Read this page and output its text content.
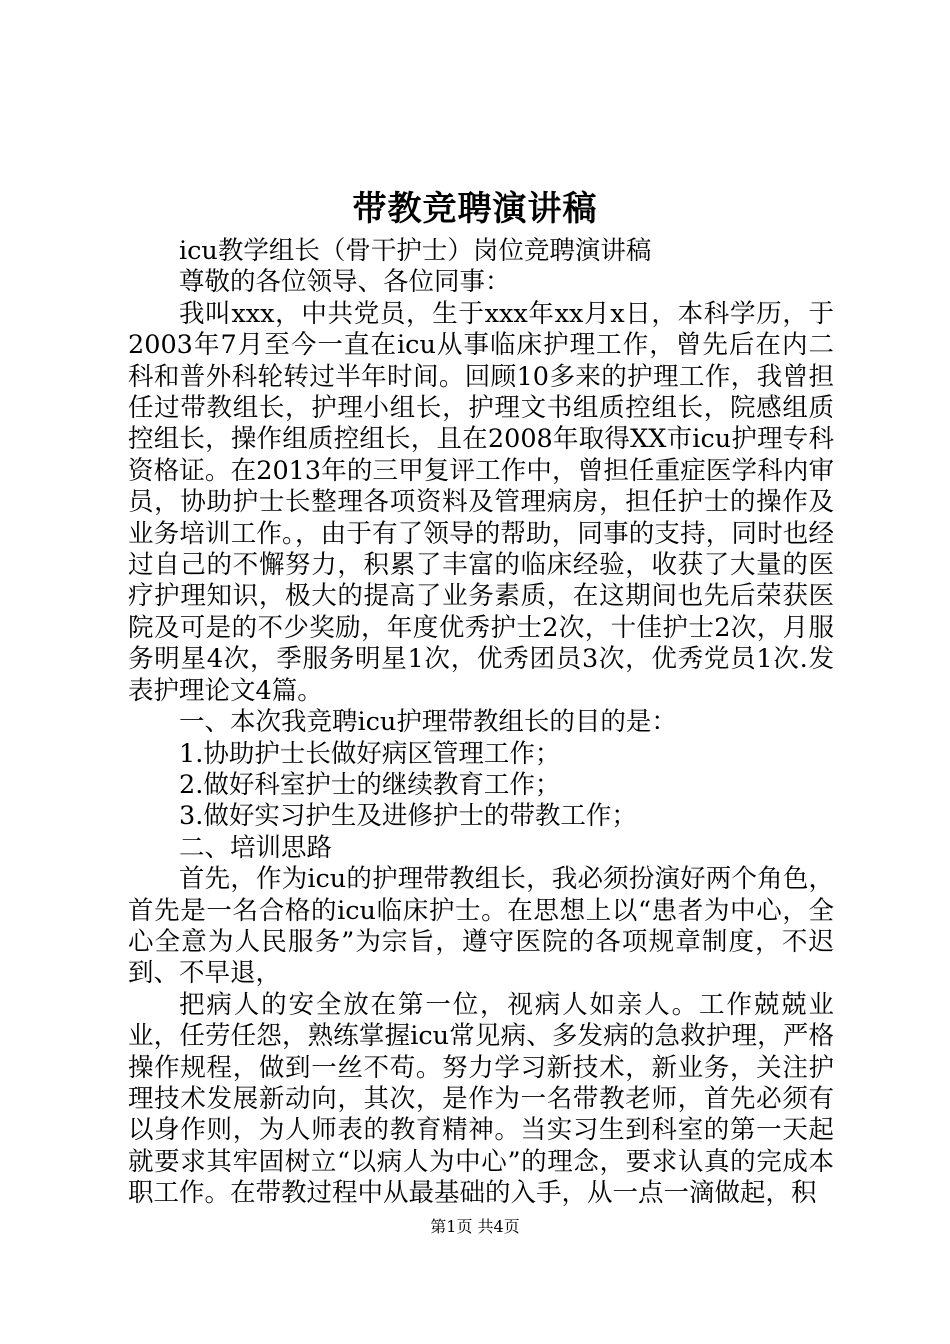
带教竞聘演讲稿

icu教学组长（骨干护士）岗位竞聘演讲稿

尊敬的各位领导、各位同事：

我叫xxx，中共党员，生于xxx年xx月x日，本科学历，于2003年7月至今一直在icu从事临床护理工作，曾先后在内二科和普外科轮转过半年时间。回顾10多来的护理工作，我曾担任过带教组长，护理小组长，护理文书组质控组长，院感组质控组长，操作组质控组长，且在2008年取得XX市icu护理专科资格证。在2013年的三甲复评工作中，曾担任重症医学科内审员，协助护士长整理各项资料及管理病房，担任护士的操作及业务培训工作。，由于有了领导的帮助，同事的支持，同时也经过自己的不懈努力，积累了丰富的临床经验，收获了大量的医疗护理知识，极大的提高了业务素质，在这期间也先后荣获医院及可是的不少奖励，年度优秀护士2次，十佳护士2次，月服务明星4次，季服务明星1次，优秀团员3次，优秀党员1次.发表护理论文4篇。

一、本次我竞聘icu护理带教组长的目的是：

1.协助护士长做好病区管理工作；

2.做好科室护士的继续教育工作；

3.做好实习护生及进修护士的带教工作；

二、培训思路

首先，作为icu的护理带教组长，我必须扮演好两个角色，首先是一名合格的icu临床护士。在思想上以“患者为中心，全心全意为人民服务”为宗旨，遵守医院的各项规章制度，不迟到、不早退，

把病人的安全放在第一位，视病人如亲人。工作兢兢业业，任劳任怨，熟练掌握icu常见病、多发病的急救护理，严格操作规程，做到一丝不苟。努力学习新技术，新业务，关注护理技术发展新动向，其次，是作为一名带教老师，首先必须有以身作则，为人师表的教育精神。当实习生到科室的第一天起就要求其牢固树立“以病人为中心”的理念，要求认真的完成本职工作。在带教过程中从最基础的入手，从一点一滴做起，积

第1页 共4页
